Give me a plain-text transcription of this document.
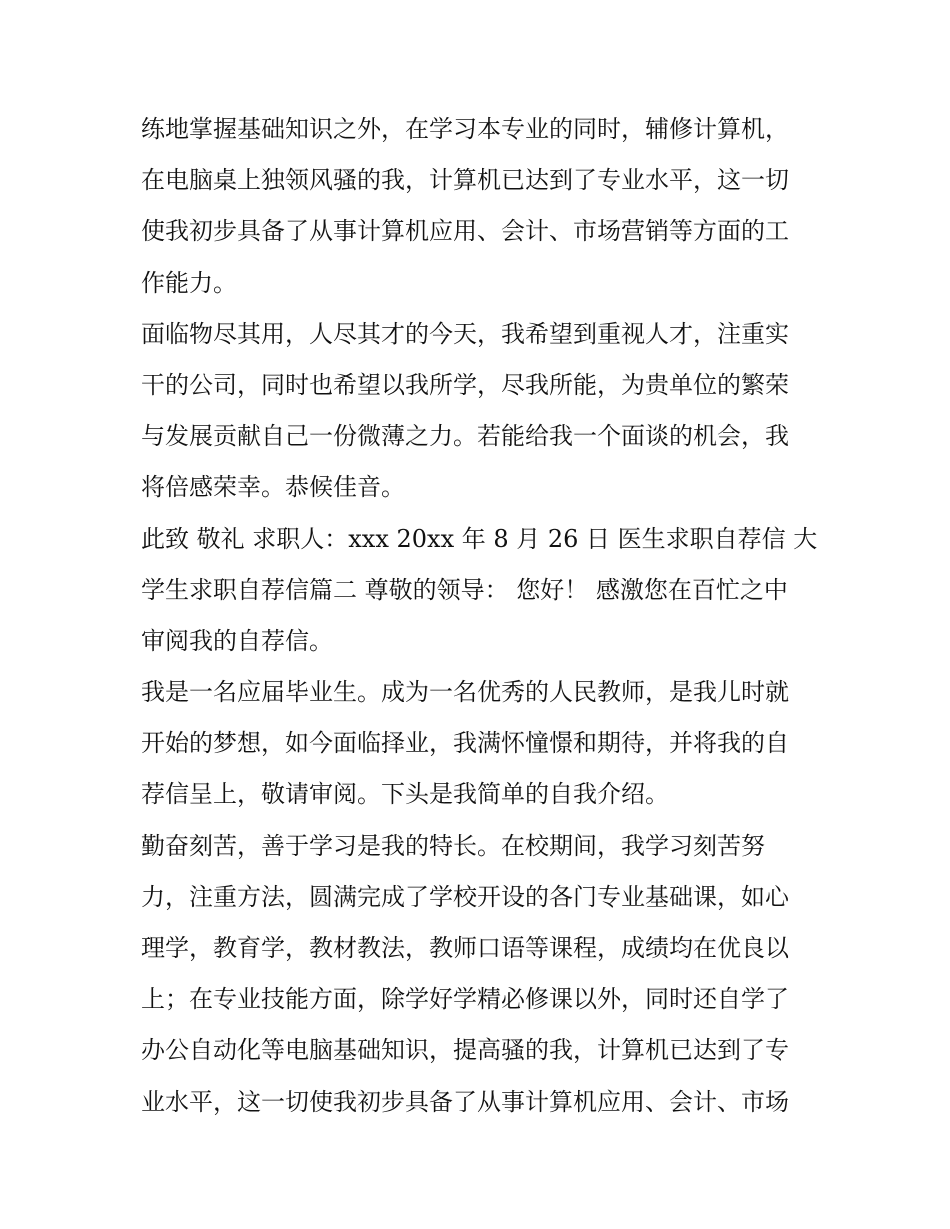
练地掌握基础知识之外，在学习本专业的同时，辅修计算机，
在电脑桌上独领风骚的我，计算机已达到了专业水平，这一切
使我初步具备了从事计算机应用、会计、市场营销等方面的工
作能力。
面临物尽其用，人尽其才的今天，我希望到重视人才，注重实
干的公司，同时也希望以我所学，尽我所能，为贵单位的繁荣
与发展贡献自己一份微薄之力。若能给我一个面谈的机会，我
将倍感荣幸。恭候佳音。
此致 敬礼 求职人：xxx 20xx 年 8 月 26 日 医生求职自荐信 大
学生求职自荐信篇二 尊敬的领导： 您好！ 感激您在百忙之中
审阅我的自荐信。
我是一名应届毕业生。成为一名优秀的人民教师，是我儿时就
开始的梦想，如今面临择业，我满怀憧憬和期待，并将我的自
荐信呈上，敬请审阅。下头是我简单的自我介绍。
勤奋刻苦，善于学习是我的特长。在校期间，我学习刻苦努
力，注重方法，圆满完成了学校开设的各门专业基础课，如心
理学，教育学，教材教法，教师口语等课程，成绩均在优良以
上；在专业技能方面，除学好学精必修课以外，同时还自学了
办公自动化等电脑基础知识，提高骚的我，计算机已达到了专
业水平，这一切使我初步具备了从事计算机应用、会计、市场
